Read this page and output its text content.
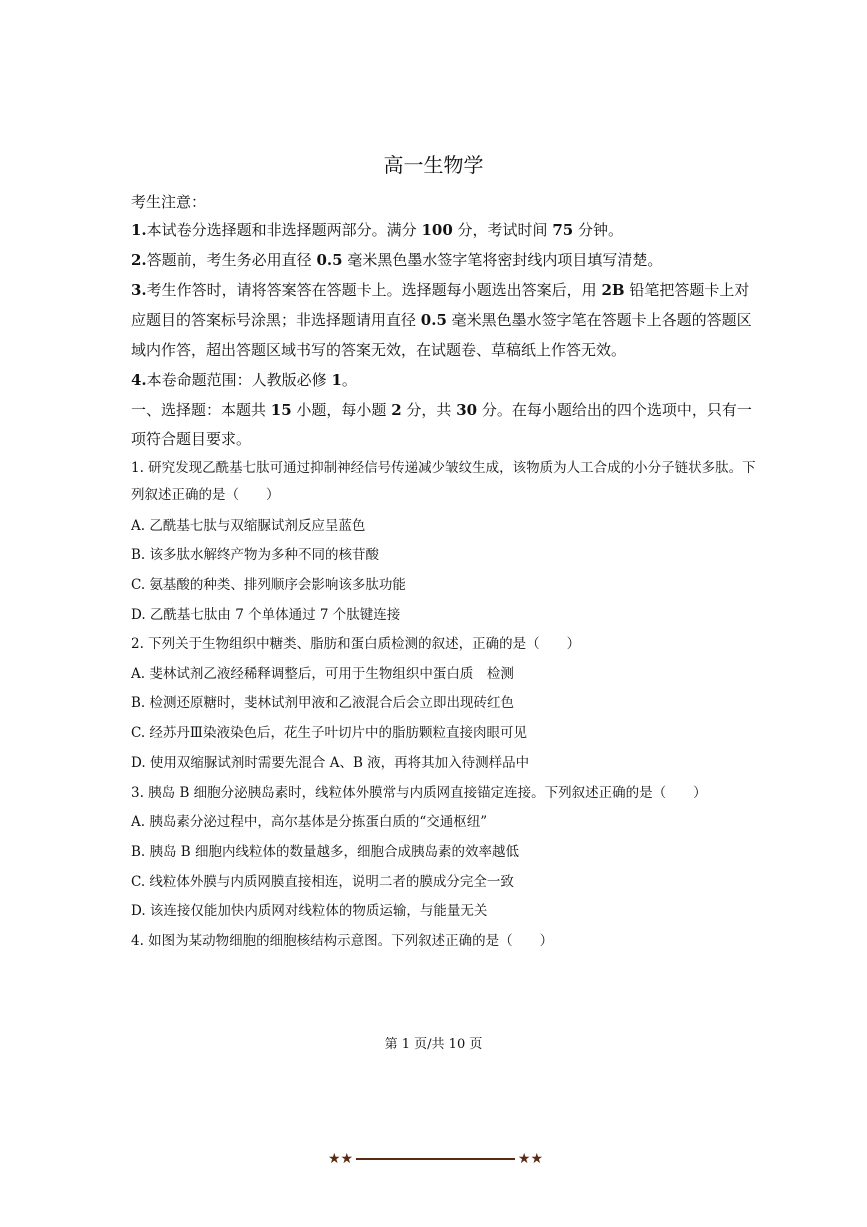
高一生物学
考生注意：
1.本试卷分选择题和非选择题两部分。满分 100 分，考试时间 75 分钟。
2.答题前，考生务必用直径 0.5 毫米黑色墨水签字笔将密封线内项目填写清楚。
3.考生作答时，请将答案答在答题卡上。选择题每小题选出答案后，用 2B 铅笔把答题卡上对
应题目的答案标号涂黑；非选择题请用直径 0.5 毫米黑色墨水签字笔在答题卡上各题的答题区
域内作答，超出答题区域书写的答案无效，在试题卷、草稿纸上作答无效。
4.本卷命题范围：人教版必修 1。
一、选择题：本题共 15 小题，每小题 2 分，共 30 分。在每小题给出的四个选项中，只有一
项符合题目要求。
1. 研究发现乙酰基七肽可通过抑制神经信号传递减少皱纹生成，该物质为人工合成的小分子链状多肽。下
列叙述正确的是（　　）
A. 乙酰基七肽与双缩脲试剂反应呈蓝色
B. 该多肽水解终产物为多种不同的核苷酸
C. 氨基酸的种类、排列顺序会影响该多肽功能
D. 乙酰基七肽由 7 个单体通过 7 个肽键连接
2. 下列关于生物组织中糖类、脂肪和蛋白质检测的叙述，正确的是（　　）
A. 斐林试剂乙液经稀释调整后，可用于生物组织中蛋白质　检测
B. 检测还原糖时，斐林试剂甲液和乙液混合后会立即出现砖红色
C. 经苏丹Ⅲ染液染色后，花生子叶切片中的脂肪颗粒直接肉眼可见
D. 使用双缩脲试剂时需要先混合 A、B 液，再将其加入待测样品中
3. 胰岛 B 细胞分泌胰岛素时，线粒体外膜常与内质网直接锚定连接。下列叙述正确的是（　　）
A. 胰岛素分泌过程中，高尔基体是分拣蛋白质的“交通枢纽”
B. 胰岛 B 细胞内线粒体的数量越多，细胞合成胰岛素的效率越低
C. 线粒体外膜与内质网膜直接相连，说明二者的膜成分完全一致
D. 该连接仅能加快内质网对线粒体的物质运输，与能量无关
4. 如图为某动物细胞的细胞核结构示意图。下列叙述正确的是（　　）
第 1 页/共 10 页
★★	★★
